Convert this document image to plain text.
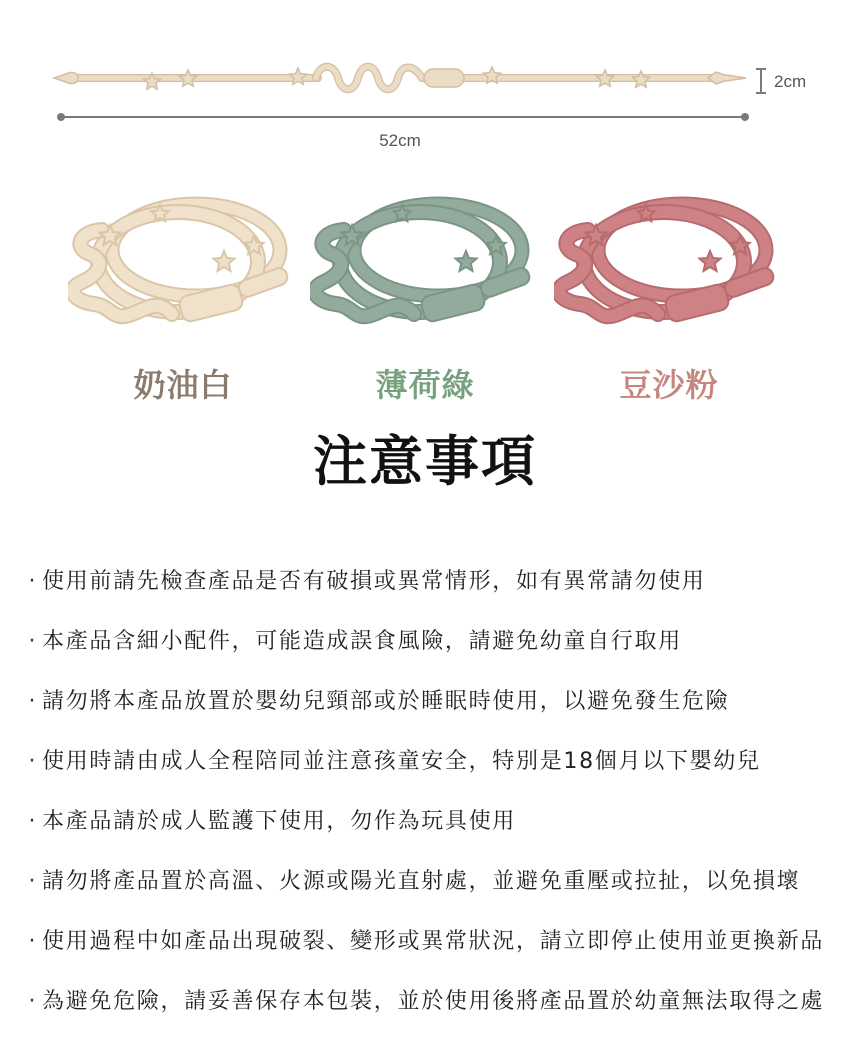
2cm
52cm
奶油白	薄荷綠	豆沙粉
注意事項
· 使用前請先檢查產品是否有破損或異常情形，如有異常請勿使用
· 本產品含細小配件，可能造成誤食風險，請避免幼童自行取用
· 請勿將本產品放置於嬰幼兒頸部或於睡眠時使用，以避免發生危險
· 使用時請由成人全程陪同並注意孩童安全，特別是18個月以下嬰幼兒
· 本產品請於成人監護下使用，勿作為玩具使用
· 請勿將產品置於高溫、火源或陽光直射處，並避免重壓或拉扯，以免損壞
· 使用過程中如產品出現破裂、變形或異常狀況，請立即停止使用並更換新品
· 為避免危險，請妥善保存本包裝，並於使用後將產品置於幼童無法取得之處
